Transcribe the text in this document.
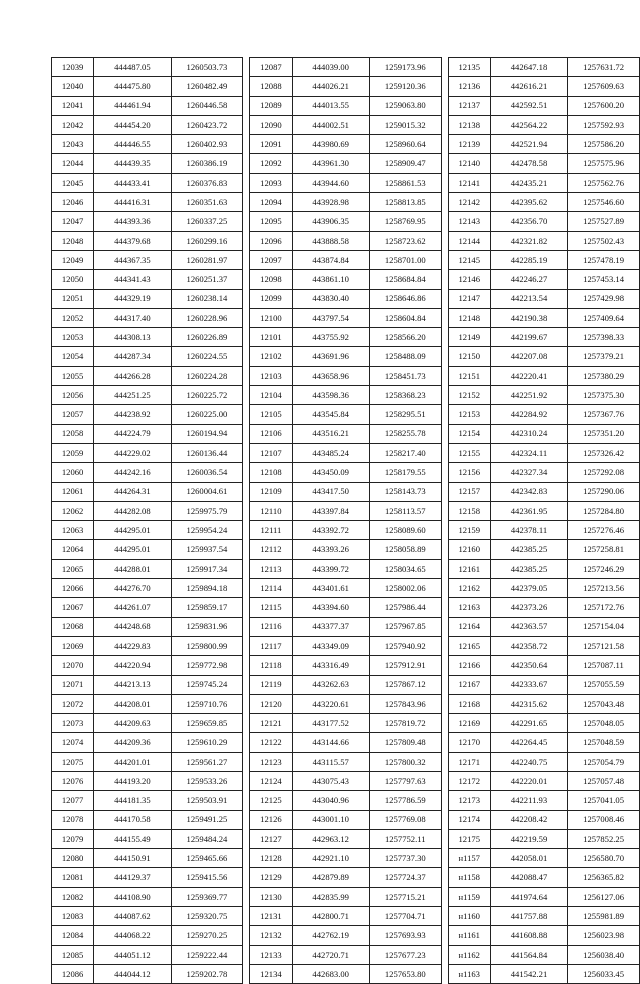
12039	444487.05	1260503.73
12040	444475.80	1260482.49
12041	444461.94	1260446.58
12042	444454.20	1260423.72
12043	444446.55	1260402.93
12044	444439.35	1260386.19
12045	444433.41	1260376.83
12046	444416.31	1260351.63
12047	444393.36	1260337.25
12048	444379.68	1260299.16
12049	444367.35	1260281.97
12050	444341.43	1260251.37
12051	444329.19	1260238.14
12052	444317.40	1260228.96
12053	444308.13	1260226.89
12054	444287.34	1260224.55
12055	444266.28	1260224.28
12056	444251.25	1260225.72
12057	444238.92	1260225.00
12058	444224.79	1260194.94
12059	444229.02	1260136.44
12060	444242.16	1260036.54
12061	444264.31	1260004.61
12062	444282.08	1259975.79
12063	444295.01	1259954.24
12064	444295.01	1259937.54
12065	444288.01	1259917.34
12066	444276.70	1259894.18
12067	444261.07	1259859.17
12068	444248.68	1259831.96
12069	444229.83	1259800.99
12070	444220.94	1259772.98
12071	444213.13	1259745.24
12072	444208.01	1259710.76
12073	444209.63	1259659.85
12074	444209.36	1259610.29
12075	444201.01	1259561.27
12076	444193.20	1259533.26
12077	444181.35	1259503.91
12078	444170.58	1259491.25
12079	444155.49	1259484.24
12080	444150.91	1259465.66
12081	444129.37	1259415.56
12082	444108.90	1259369.77
12083	444087.62	1259320.75
12084	444068.22	1259270.25
12085	444051.12	1259222.44
12086	444044.12	1259202.78
12087	444039.00	1259173.96
12088	444026.21	1259120.36
12089	444013.55	1259063.80
12090	444002.51	1259015.32
12091	443980.69	1258960.64
12092	443961.30	1258909.47
12093	443944.60	1258861.53
12094	443928.98	1258813.85
12095	443906.35	1258769.95
12096	443888.58	1258723.62
12097	443874.84	1258701.00
12098	443861.10	1258684.84
12099	443830.40	1258646.86
12100	443797.54	1258604.84
12101	443755.92	1258566.20
12102	443691.96	1258488.09
12103	443658.96	1258451.73
12104	443598.36	1258368.23
12105	443545.84	1258295.51
12106	443516.21	1258255.78
12107	443485.24	1258217.40
12108	443450.09	1258179.55
12109	443417.50	1258143.73
12110	443397.84	1258113.57
12111	443392.72	1258089.60
12112	443393.26	1258058.89
12113	443399.72	1258034.65
12114	443401.61	1258002.06
12115	443394.60	1257986.44
12116	443377.37	1257967.85
12117	443349.09	1257940.92
12118	443316.49	1257912.91
12119	443262.63	1257867.12
12120	443220.61	1257843.96
12121	443177.52	1257819.72
12122	443144.66	1257809.48
12123	443115.57	1257800.32
12124	443075.43	1257797.63
12125	443040.96	1257786.59
12126	443001.10	1257769.08
12127	442963.12	1257752.11
12128	442921.10	1257737.30
12129	442879.89	1257724.37
12130	442835.99	1257715.21
12131	442800.71	1257704.71
12132	442762.19	1257693.93
12133	442720.71	1257677.23
12134	442683.00	1257653.80
12135	442647.18	1257631.72
12136	442616.21	1257609.63
12137	442592.51	1257600.20
12138	442564.22	1257592.93
12139	442521.94	1257586.20
12140	442478.58	1257575.96
12141	442435.21	1257562.76
12142	442395.62	1257546.60
12143	442356.70	1257527.89
12144	442321.82	1257502.43
12145	442285.19	1257478.19
12146	442246.27	1257453.14
12147	442213.54	1257429.98
12148	442190.38	1257409.64
12149	442199.67	1257398.33
12150	442207.08	1257379.21
12151	442220.41	1257380.29
12152	442251.92	1257375.30
12153	442284.92	1257367.76
12154	442310.24	1257351.20
12155	442324.11	1257326.42
12156	442327.34	1257292.08
12157	442342.83	1257290.06
12158	442361.95	1257284.80
12159	442378.11	1257276.46
12160	442385.25	1257258.81
12161	442385.25	1257246.29
12162	442379.05	1257213.56
12163	442373.26	1257172.76
12164	442363.57	1257154.04
12165	442358.72	1257121.58
12166	442350.64	1257087.11
12167	442333.67	1257055.59
12168	442315.62	1257043.48
12169	442291.65	1257048.05
12170	442264.45	1257048.59
12171	442240.75	1257054.79
12172	442220.01	1257057.48
12173	442211.93	1257041.05
12174	442208.42	1257008.46
12175	442219.59	1257852.25
н1157	442058.01	1256580.70
н1158	442088.47	1256365.82
н1159	441974.64	1256127.06
н1160	441757.88	1255981.89
н1161	441608.88	1256023.98
н1162	441564.84	1256038.40
н1163	441542.21	1256033.45
